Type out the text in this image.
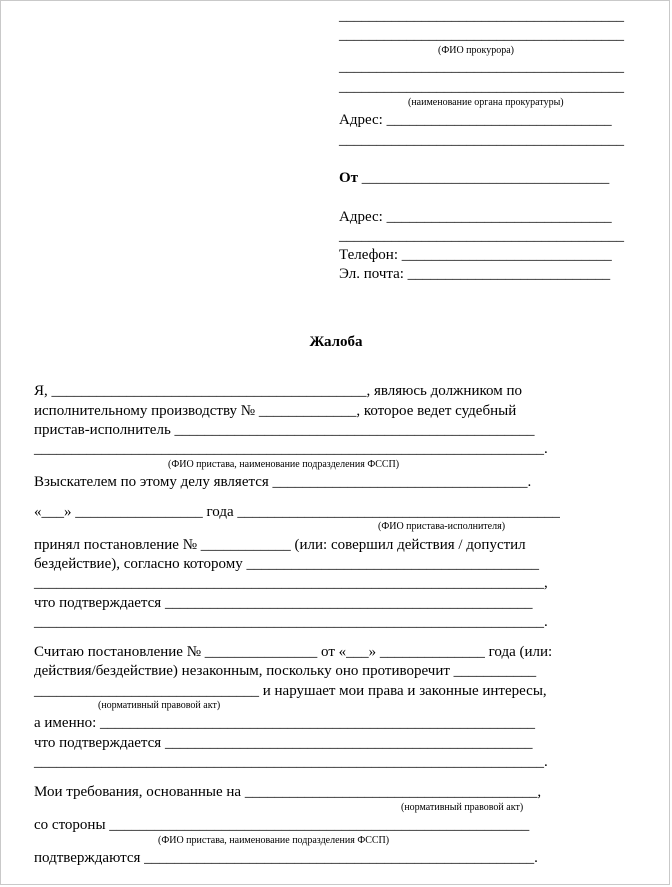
______________________________________
______________________________________
(ФИО прокурора)
______________________________________
______________________________________
(наименование органа прокуратуры)
Адрес: ______________________________
______________________________________
От _________________________________
Адрес: ______________________________
______________________________________
Телефон: ____________________________
Эл. почта: ___________________________
Жалоба
Я, __________________________________________, являюсь должником по
исполнительному производству № _____________, которое ведет судебный
пристав-исполнитель ________________________________________________
____________________________________________________________________.
(ФИО пристава, наименование подразделения ФССП)
Взыскателем по этому делу является __________________________________.
«___» _________________ года ___________________________________________
(ФИО пристава-исполнителя)
принял постановление № ____________ (или: совершил действия / допустил
бездействие), согласно которому _______________________________________
____________________________________________________________________,
что подтверждается _________________________________________________
____________________________________________________________________.
Считаю постановление № _______________ от «___» ______________ года (или:
действия/бездействие) незаконным, поскольку оно противоречит ___________
______________________________ и нарушает мои права и законные интересы,
(нормативный правовой акт)
а именно: __________________________________________________________
что подтверждается _________________________________________________
____________________________________________________________________.
Мои требования, основанные на _______________________________________,
(нормативный правовой акт)
со стороны ________________________________________________________
(ФИО пристава, наименование подразделения ФССП)
подтверждаются ____________________________________________________.
